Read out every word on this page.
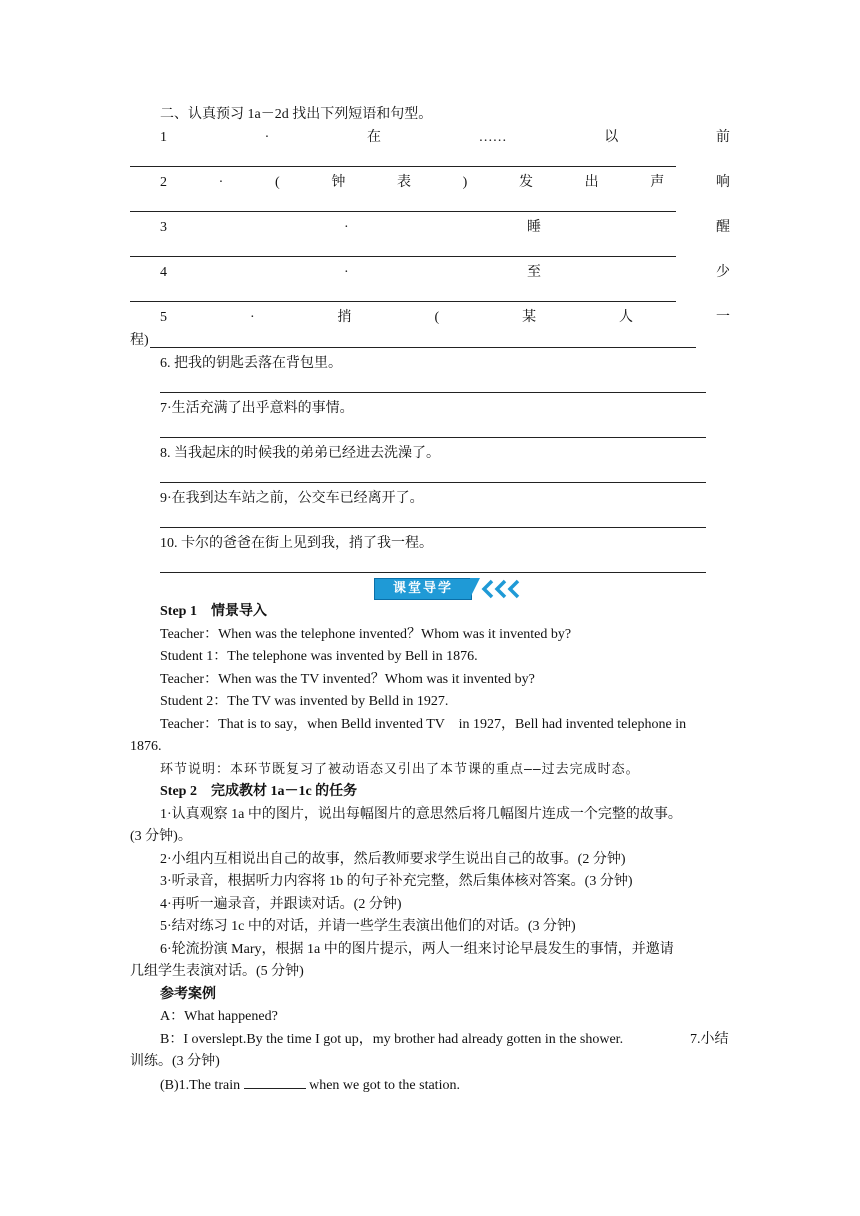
二、认真预习 1a－2d 找出下列短语和句型。
1	·	在	……	以	前
2	·	(	钟	表	)	发	出	声	响
3	·	睡	醒
4	·	至	少
5	·	捎	(	某	人	一
程)
6. 把我的钥匙丢落在背包里。
7·生活充满了出乎意料的事情。
8. 当我起床的时候我的弟弟已经进去洗澡了。
9·在我到达车站之前，公交车已经离开了。
10. 卡尔的爸爸在街上见到我，捎了我一程。
课堂导学
Step 1　情景导入
Teacher：When was the telephone invented？Whom was it invented by?
Student 1：The telephone was invented by Bell in 1876.
Teacher：When was the TV invented？Whom was it invented by?
Student 2：The TV was invented by Belld in 1927.
Teacher：That is to say，when Belld invented TV　in 1927，Bell had invented telephone in
1876.
环节说明：本环节既复习了被动语态又引出了本节课的重点——过去完成时态。
Step 2　完成教材 1a－1c 的任务
1·认真观察 1a 中的图片，说出每幅图片的意思然后将几幅图片连成一个完整的故事。
(3 分钟)。
2·小组内互相说出自己的故事，然后教师要求学生说出自己的故事。(2 分钟)
3·听录音，根据听力内容将 1b 的句子补充完整，然后集体核对答案。(3 分钟)
4·再听一遍录音，并跟读对话。(2 分钟)
5·结对练习 1c 中的对话，并请一些学生表演出他们的对话。(3 分钟)
6·轮流扮演 Mary，根据 1a 中的图片提示，两人一组来讨论早晨发生的事情，并邀请
几组学生表演对话。(5 分钟)
参考案例
A：What happened?
B：I overslept.By the time I got up，my brother had already gotten in the shower.	7.小结
训练。(3 分钟)
(B)1.The train	when we got to the station.
